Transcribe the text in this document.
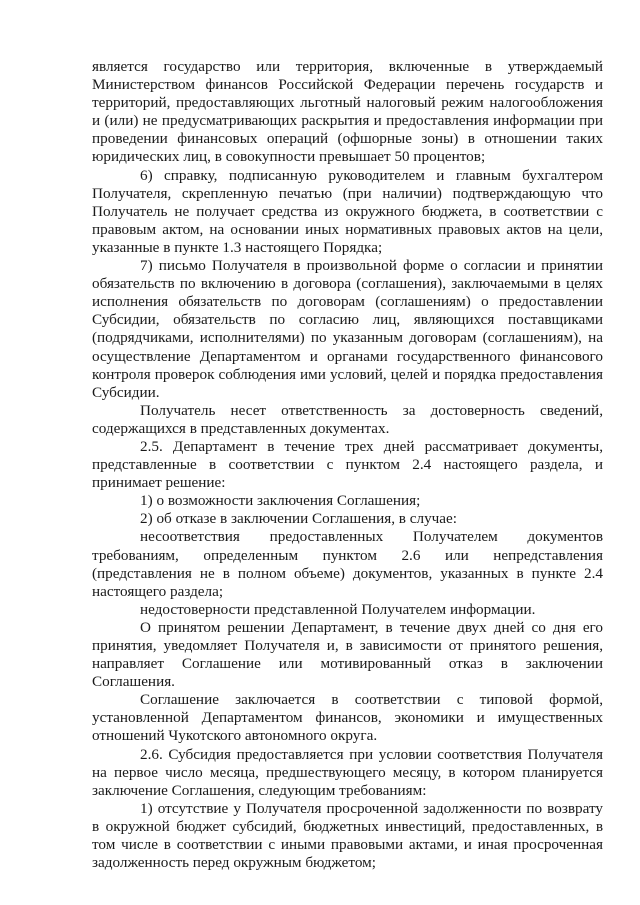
является государство или территория, включенные в утверждаемый Министерством финансов Российской Федерации перечень государств и территорий, предоставляющих льготный налоговый режим налогообложения и (или) не предусматривающих раскрытия и предоставления информации при проведении финансовых операций (офшорные зоны) в отношении таких юридических лиц, в совокупности превышает 50 процентов;

6) справку, подписанную руководителем и главным бухгалтером Получателя, скрепленную печатью (при наличии) подтверждающую что Получатель не получает средства из окружного бюджета, в соответствии с правовым актом, на основании иных нормативных правовых актов на цели, указанные в пункте 1.3 настоящего Порядка;

7) письмо Получателя в произвольной форме о согласии и принятии обязательств по включению в договора (соглашения), заключаемыми в целях исполнения обязательств по договорам (соглашениям) о предоставлении Субсидии, обязательств по согласию лиц, являющихся поставщиками (подрядчиками, исполнителями) по указанным договорам (соглашениям), на осуществление Департаментом и органами государственного финансового контроля проверок соблюдения ими условий, целей и порядка предоставления Субсидии.

Получатель несет ответственность за достоверность сведений, содержащихся в представленных документах.

2.5. Департамент в течение трех дней рассматривает документы, представленные в соответствии с пунктом 2.4 настоящего раздела, и принимает решение:

1) о возможности заключения Соглашения;

2) об отказе в заключении Соглашения, в случае:

несоответствия предоставленных Получателем документов требованиям, определенным пунктом 2.6 или непредставления (представления не в полном объеме) документов, указанных в пункте 2.4 настоящего раздела;

недостоверности представленной Получателем информации.

О принятом решении Департамент, в течение двух дней со дня его принятия, уведомляет Получателя и, в зависимости от принятого решения, направляет Соглашение или мотивированный отказ в заключении Соглашения.

Соглашение заключается в соответствии с типовой формой, установленной Департаментом финансов, экономики и имущественных отношений Чукотского автономного округа.

2.6. Субсидия предоставляется при условии соответствия Получателя на первое число месяца, предшествующего месяцу, в котором планируется заключение Соглашения, следующим требованиям:

1) отсутствие у Получателя просроченной задолженности по возврату в окружной бюджет субсидий, бюджетных инвестиций, предоставленных, в том числе в соответствии с иными правовыми актами, и иная просроченная задолженность перед окружным бюджетом;
